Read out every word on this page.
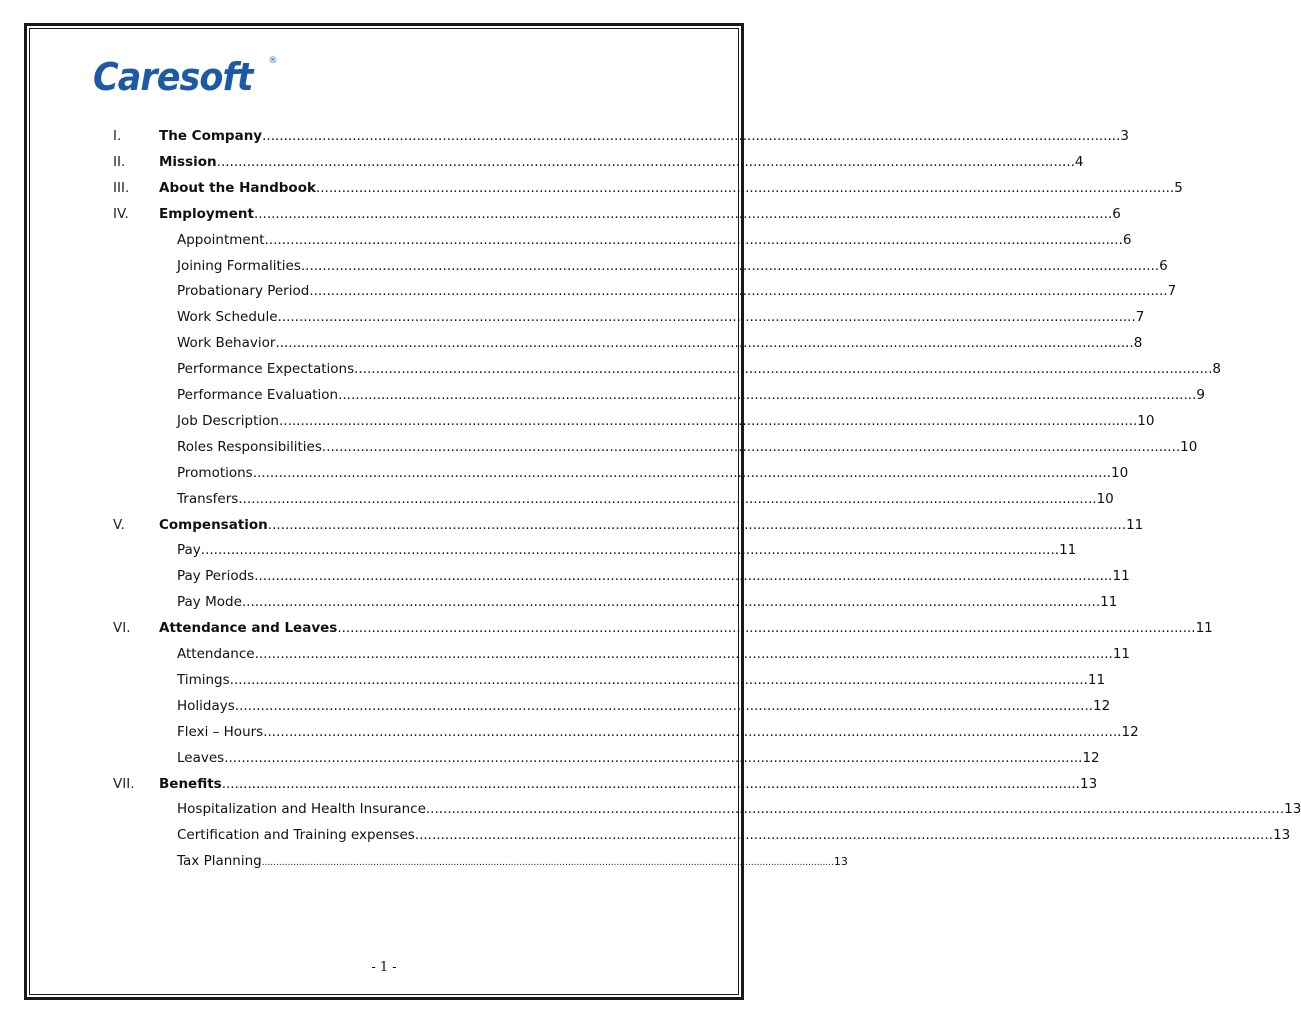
Caresoft ®
I.	The Company ........................................................................................................................................................................................................ 3
II. Mission ........................................................................................................................................................................................................ 4
III. About the Handbook ........................................................................................................................................................................................................ 5
IV. Employment ........................................................................................................................................................................................................ 6
Appointment ........................................................................................................................................................................................................ 6
Joining Formalities ........................................................................................................................................................................................................ 6
Probationary Period ........................................................................................................................................................................................................ 7
Work Schedule ........................................................................................................................................................................................................ 7
Work Behavior ........................................................................................................................................................................................................ 8
Performance Expectations ........................................................................................................................................................................................................ 8
Performance Evaluation ........................................................................................................................................................................................................ 9
Job Description ........................................................................................................................................................................................................ 10
Roles Responsibilities ........................................................................................................................................................................................................ 10
Promotions ........................................................................................................................................................................................................ 10
Transfers ........................................................................................................................................................................................................ 10
V.	Compensation ........................................................................................................................................................................................................ 11
Pay ........................................................................................................................................................................................................ 11
Pay Periods ........................................................................................................................................................................................................ 11
Pay Mode ........................................................................................................................................................................................................ 11
VI. Attendance and Leaves ........................................................................................................................................................................................................ 11
Attendance ........................................................................................................................................................................................................ 11
Timings ........................................................................................................................................................................................................ 11
Holidays ........................................................................................................................................................................................................ 12
Flexi – Hours ........................................................................................................................................................................................................ 12
Leaves ........................................................................................................................................................................................................ 12
VII. Benefits ........................................................................................................................................................................................................ 13
Hospitalization and Health Insurance ........................................................................................................................................................................................................ 13
Certification and Training expenses ........................................................................................................................................................................................................ 13
Tax Planning ........................................................................................................................................................................................................ 13
- 1 -
